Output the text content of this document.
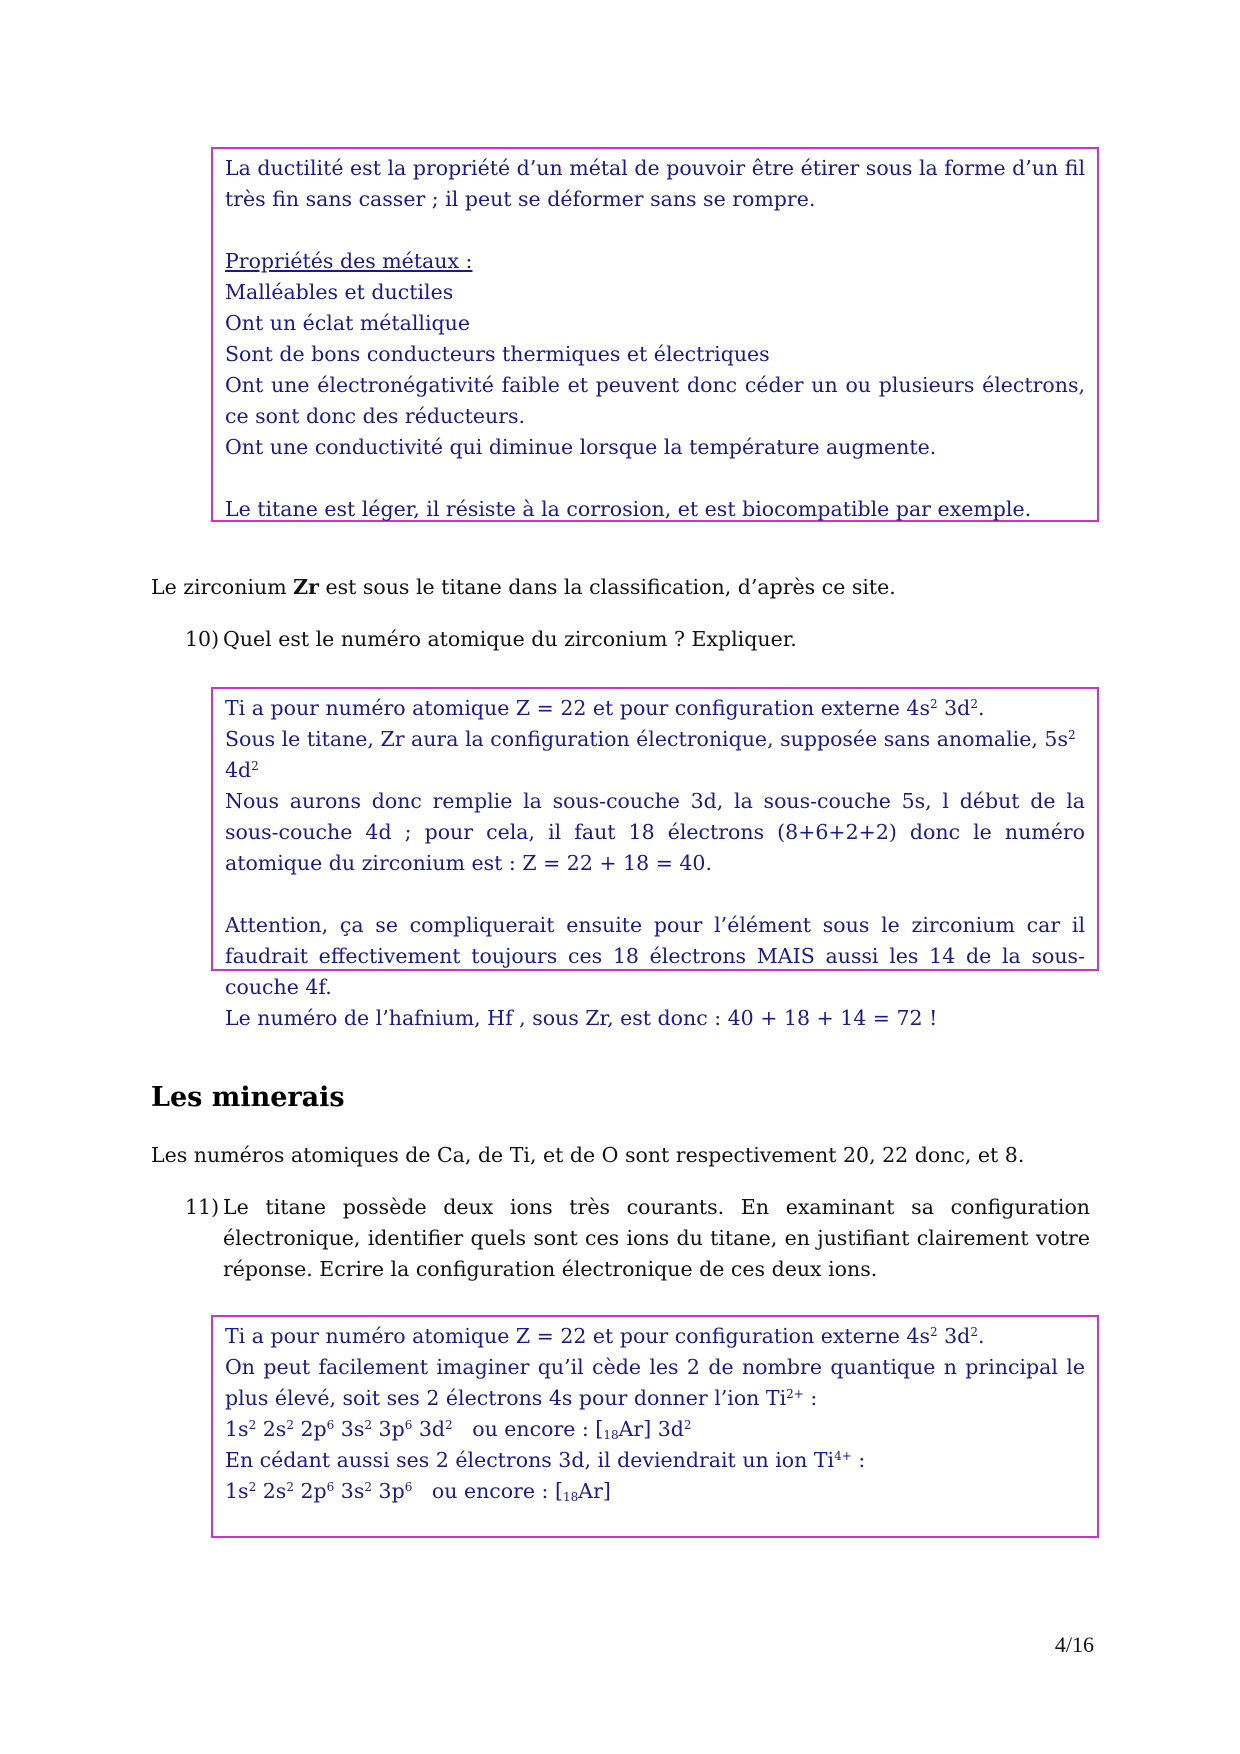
La ductilité est la propriété d’un métal de pouvoir être étirer sous la forme d’un fil très fin sans casser ; il peut se déformer sans se rompre.

Propriétés des métaux :

Malléables et ductiles

Ont un éclat métallique

Sont de bons conducteurs thermiques et électriques

Ont une électronégativité faible et peuvent donc céder un ou plusieurs électrons, ce sont donc des réducteurs.

Ont une conductivité qui diminue lorsque la température augmente.

Le titane est léger, il résiste à la corrosion, et est biocompatible par exemple.

Le zirconium Zr est sous le titane dans la classification, d’après ce site.
10) Quel est le numéro atomique du zirconium ? Expliquer.

Ti a pour numéro atomique Z = 22 et pour configuration externe $4s^2$ $3d^2$.

Sous le titane, Zr aura la configuration électronique, supposée sans anomalie, $5s^2$ $4d^2$

Nous aurons donc remplie la sous-couche 3d, la sous-couche 5s, l début de la sous-couche 4d ; pour cela, il faut 18 électrons (8+6+2+2) donc le numéro atomique du zirconium est : Z = 22 + 18 = 40.

Attention, ça se compliquerait ensuite pour l’élément sous le zirconium car il faudrait effectivement toujours ces 18 électrons MAIS aussi les 14 de la sous-couche 4f.

Le numéro de l’hafnium, Hf , sous Zr, est donc : 40 + 18 + 14 = 72 !

Les minerais
Les numéros atomiques de Ca, de Ti, et de O sont respectivement 20, 22 donc, et 8.
11) Le titane possède deux ions très courants. En examinant sa configuration électronique, identifier quels sont ces ions du titane, en justifiant clairement votre réponse. Ecrire la configuration électronique de ces deux ions.

Ti a pour numéro atomique Z = 22 et pour configuration externe $4s^2$ $3d^2$.

On peut facilement imaginer qu’il cède les 2 de nombre quantique n principal le plus élevé, soit ses 2 électrons 4s pour donner l’ion $Ti^{2+}$ :

$1s^2$ $2s^2$ $2p^6$ $3s^2$ $3p^6$ $3d^2$   ou encore : $[_{18}Ar]$ $3d^2$

En cédant aussi ses 2 électrons 3d, il deviendrait un ion $Ti^{4+}$ :

$1s^2$ $2s^2$ $2p^6$ $3s^2$ $3p^6$   ou encore : $[_{18}Ar]$

4/16
